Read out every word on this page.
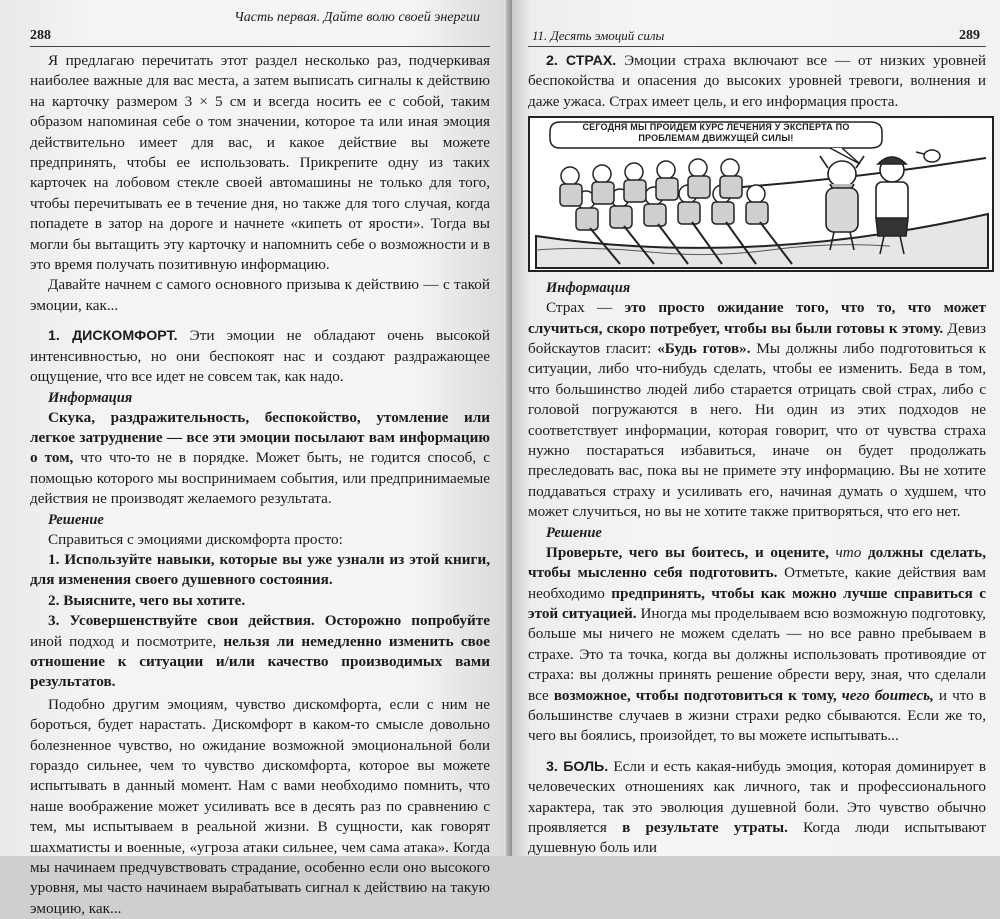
288
Часть первая. Дайте волю своей энергии

Я предлагаю перечитать этот раздел несколько раз, подчеркивая наиболее важные для вас места, а затем выписать сигналы к действию на карточку размером 3 × 5 см и всегда носить ее с собой, таким образом напоминая себе о том значении, которое та или иная эмоция действительно имеет для вас, и какое действие вы можете предпринять, чтобы ее использовать. Прикрепите одну из таких карточек на лобовом стекле своей автомашины не только для того, чтобы перечитывать ее в течение дня, но также для того случая, когда попадете в затор на дороге и начнете «кипеть от ярости». Тогда вы могли бы вытащить эту карточку и напомнить себе о возможности и в это время получать позитивную информацию.

Давайте начнем с самого основного призыва к действию — с такой эмоции, как...

1. ДИСКОМФОРТ. Эти эмоции не обладают очень высокой интенсивностью, но они беспокоят нас и создают раздражающее ощущение, что все идет не совсем так, как надо.

Информация

Скука, раздражительность, беспокойство, утомление или легкое затруднение — все эти эмоции посылают вам информацию о том, что что-то не в порядке. Может быть, не годится способ, с помощью которого мы воспринимаем события, или предпринимаемые действия не производят желаемого результата.

Решение

Справиться с эмоциями дискомфорта просто:

1. Используйте навыки, которые вы уже узнали из этой книги, для изменения своего душевного состояния.

2. Выясните, чего вы хотите.

3. Усовершенствуйте свои действия. Осторожно попробуйте иной подход и посмотрите, нельзя ли немедленно изменить свое отношение к ситуации и/или качество производимых вами результатов.

Подобно другим эмоциям, чувство дискомфорта, если с ним не бороться, будет нарастать. Дискомфорт в каком-то смысле довольно болезненное чувство, но ожидание возможной эмоциональной боли гораздо сильнее, чем то чувство дискомфорта, которое вы можете испытывать в данный момент. Нам с вами необходимо помнить, что наше воображение может усиливать все в десять раз по сравнению с тем, мы испытываем в реальной жизни. В сущности, как говорят шахматисты и военные, «угроза атаки сильнее, чем сама атака». Когда мы начинаем предчувствовать страдание, особенно если оно высокого уровня, мы часто начинаем вырабатывать сигнал к действию на такую эмоцию, как...

11. Десять эмоций силы	289

2. СТРАХ. Эмоции страха включают все — от низких уровней беспокойства и опасения до высоких уровней тревоги, волнения и даже ужаса. Страх имеет цель, и его информация проста.

СЕГОДНЯ МЫ ПРОЙДЕМ КУРС ЛЕЧЕНИЯ У ЭКСПЕРТА ПО ПРОБЛЕМАМ ДВИЖУЩЕЙ СИЛЫ!

Информация

Страх — это просто ожидание того, что то, что может случиться, скоро потребует, чтобы вы были готовы к этому. Девиз бойскаутов гласит: «Будь готов». Мы должны либо подготовиться к ситуации, либо что-нибудь сделать, чтобы ее изменить. Беда в том, что большинство людей либо старается отрицать свой страх, либо с головой погружаются в него. Ни один из этих подходов не соответствует информации, которая говорит, что от чувства страха нужно постараться избавиться, иначе он будет продолжать преследовать вас, пока вы не примете эту информацию. Вы не хотите поддаваться страху и усиливать его, начиная думать о худшем, что может случиться, но вы не хотите также притворяться, что его нет.

Решение

Проверьте, чего вы боитесь, и оцените, что должны сделать, чтобы мысленно себя подготовить. Отметьте, какие действия вам необходимо предпринять, чтобы как можно лучше справиться с этой ситуацией. Иногда мы проделываем всю возможную подготовку, больше мы ничего не можем сделать — но все равно пребываем в страхе. Это та точка, когда вы должны использовать противоядие от страха: вы должны принять решение обрести веру, зная, что сделали все возможное, чтобы подготовиться к тому, чего боитесь, и что в большинстве случаев в жизни страхи редко сбываются. Если же то, чего вы боялись, произойдет, то вы можете испытывать...

3. БОЛЬ. Если и есть какая-нибудь эмоция, которая доминирует в человеческих отношениях как личного, так и профессионального характера, так это эволюция душевной боли. Это чувство обычно проявляется в результате утраты. Когда люди испытывают душевную боль или
